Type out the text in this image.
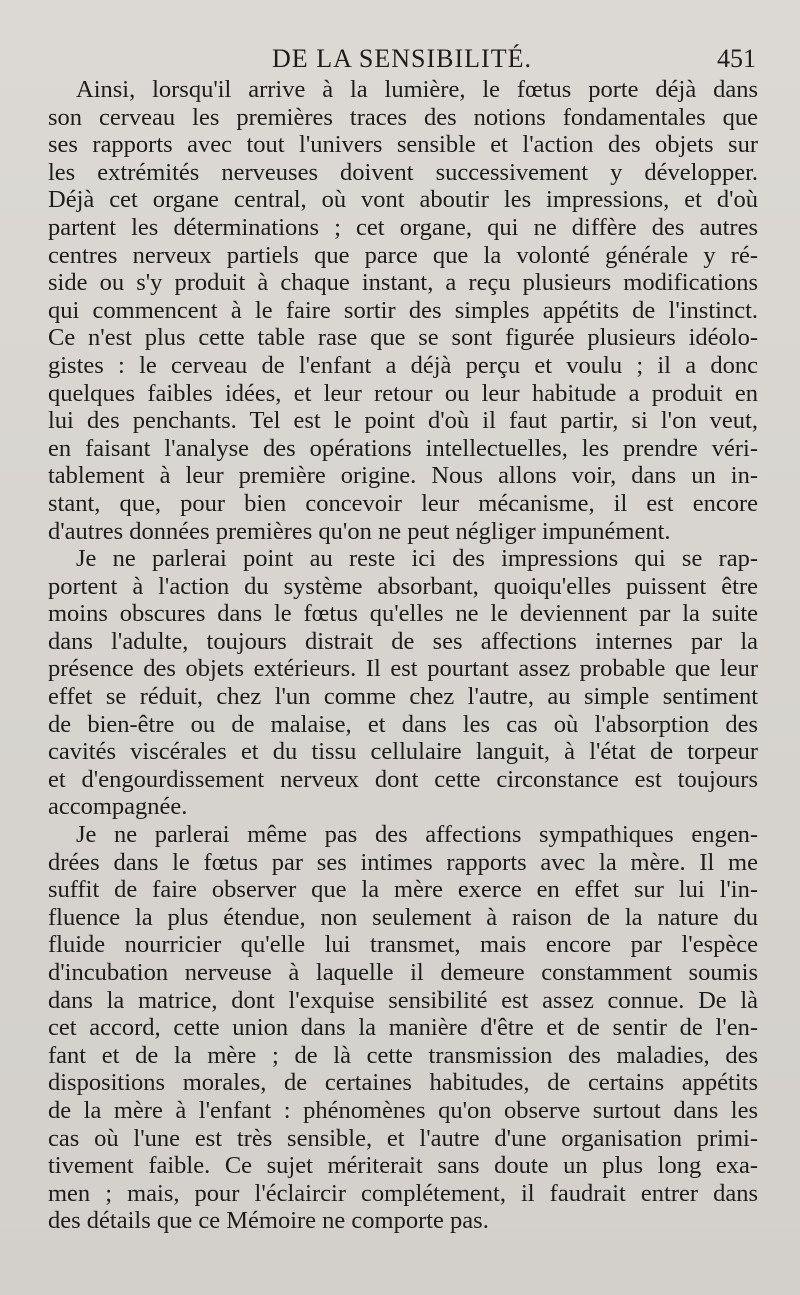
DE LA SENSIBILITÉ.	451
Ainsi, lorsqu'il arrive à la lumière, le fœtus porte déjà dans
son cerveau les premières traces des notions fondamentales que
ses rapports avec tout l'univers sensible et l'action des objets sur
les extrémités nerveuses doivent successivement y développer.
Déjà cet organe central, où vont aboutir les impressions, et d'où
partent les déterminations ; cet organe, qui ne diffère des autres
centres nerveux partiels que parce que la volonté générale y ré-
side ou s'y produit à chaque instant, a reçu plusieurs modifications
qui commencent à le faire sortir des simples appétits de l'instinct.
Ce n'est plus cette table rase que se sont figurée plusieurs idéolo-
gistes : le cerveau de l'enfant a déjà perçu et voulu ; il a donc
quelques faibles idées, et leur retour ou leur habitude a produit en
lui des penchants. Tel est le point d'où il faut partir, si l'on veut,
en faisant l'analyse des opérations intellectuelles, les prendre véri-
tablement à leur première origine. Nous allons voir, dans un in-
stant, que, pour bien concevoir leur mécanisme, il est encore
d'autres données premières qu'on ne peut négliger impunément.
Je ne parlerai point au reste ici des impressions qui se rap-
portent à l'action du système absorbant, quoiqu'elles puissent être
moins obscures dans le fœtus qu'elles ne le deviennent par la suite
dans l'adulte, toujours distrait de ses affections internes par la
présence des objets extérieurs. Il est pourtant assez probable que leur
effet se réduit, chez l'un comme chez l'autre, au simple sentiment
de bien-être ou de malaise, et dans les cas où l'absorption des
cavités viscérales et du tissu cellulaire languit, à l'état de torpeur
et d'engourdissement nerveux dont cette circonstance est toujours
accompagnée.
Je ne parlerai même pas des affections sympathiques engen-
drées dans le fœtus par ses intimes rapports avec la mère. Il me
suffit de faire observer que la mère exerce en effet sur lui l'in-
fluence la plus étendue, non seulement à raison de la nature du
fluide nourricier qu'elle lui transmet, mais encore par l'espèce
d'incubation nerveuse à laquelle il demeure constamment soumis
dans la matrice, dont l'exquise sensibilité est assez connue. De là
cet accord, cette union dans la manière d'être et de sentir de l'en-
fant et de la mère ; de là cette transmission des maladies, des
dispositions morales, de certaines habitudes, de certains appétits
de la mère à l'enfant : phénomènes qu'on observe surtout dans les
cas où l'une est très sensible, et l'autre d'une organisation primi-
tivement faible. Ce sujet mériterait sans doute un plus long exa-
men ; mais, pour l'éclaircir complétement, il faudrait entrer dans
des détails que ce Mémoire ne comporte pas.
